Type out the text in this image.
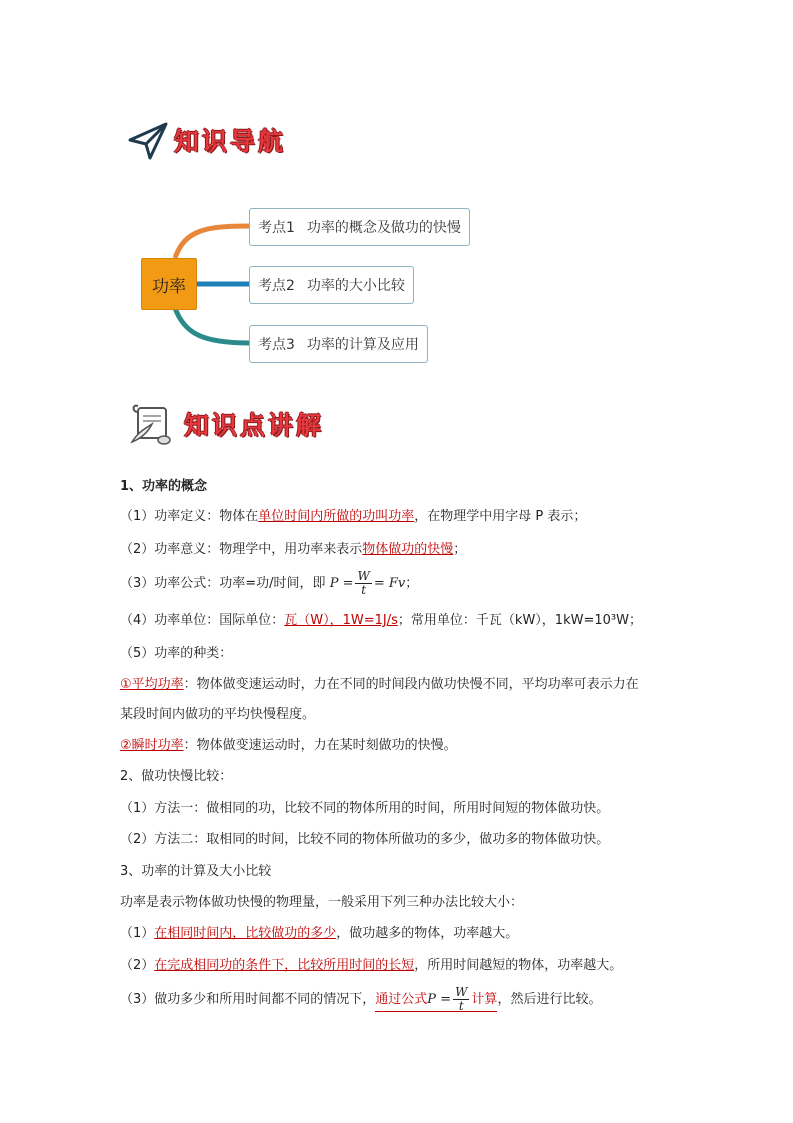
知识导航
功率
考点1 功率的概念及做功的快慢
考点2 功率的大小比较
考点3 功率的计算及应用
知识点讲解
1、功率的概念
（1）功率定义：物体在单位时间内所做的功叫功率，在物理学中用字母 P 表示；
（2）功率意义：物理学中，用功率来表示物体做功的快慢；
（3）功率公式：功率=功/时间，即 $P = \frac{W}{t} = Fv$；
（4）功率单位：国际单位：瓦（W），1W=1J/s；常用单位：千瓦（kW），1kW=10³W；
（5）功率的种类：
①平均功率：物体做变速运动时，力在不同的时间段内做功快慢不同，平均功率可表示力在
某段时间内做功的平均快慢程度。
②瞬时功率：物体做变速运动时，力在某时刻做功的快慢。
2、做功快慢比较：
（1）方法一：做相同的功，比较不同的物体所用的时间，所用时间短的物体做功快。
（2）方法二：取相同的时间，比较不同的物体所做功的多少，做功多的物体做功快。
3、功率的计算及大小比较
功率是表示物体做功快慢的物理量，一般采用下列三种办法比较大小：
（1）在相同时间内，比较做功的多少，做功越多的物体，功率越大。
（2）在完成相同功的条件下，比较所用时间的长短，所用时间越短的物体，功率越大。
（3）做功多少和所用时间都不同的情况下，通过公式$P = \frac{W}{t}$ 计算，然后进行比较。
